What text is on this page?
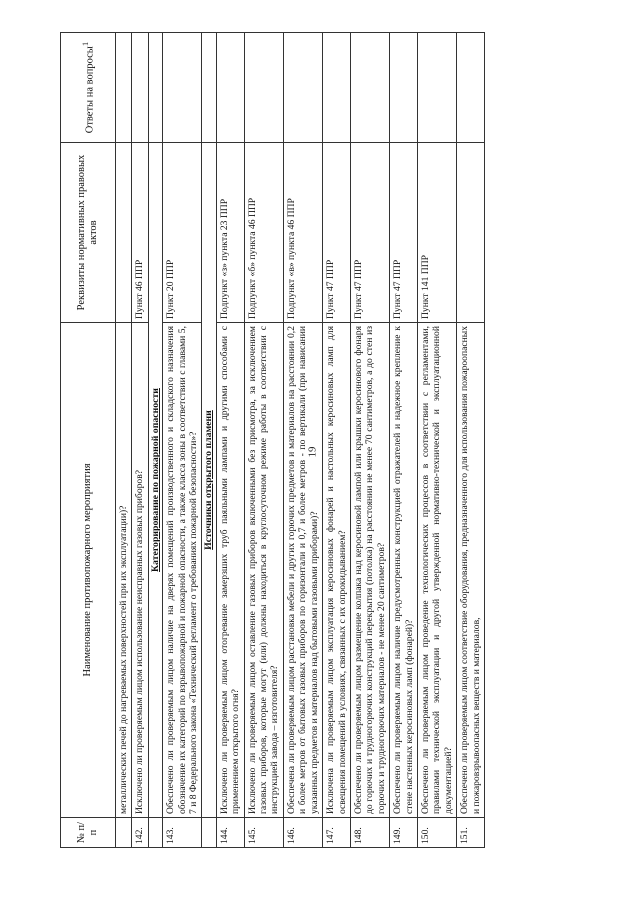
19
№ п/п	Наименование противопожарного мероприятия	Реквизиты нормативных правовых актов	Ответы на вопросы$^1$
	металлических печей до нагреваемых поверхностей при их эксплуатации)?		
142.	Исключено ли проверяемым лицом использование неисправных газовых приборов?	Пункт 46 ППР	
	Категорирование по пожарной опасности		
143.	Обеспечено ли проверяемым лицом наличие на дверях помещений производственного и складского назначения обозначение их категорий по взрывопожарной и пожарной опасности, а также класса зоны в соответствии с главами 5, 7 и 8 Федерального закона «Технический регламент о требованиях пожарной безопасности»?	Пункт 20 ППР	
	Источники открытого пламени		
144.	Исключено ли проверяемым лицом отогревание замерзших труб паяльными лампами и другими способами с применением открытого огня?	Подпункт «з» пункта 23 ППР	
145.	Исключено ли проверяемым лицом оставление газовых приборов включенными без присмотра, за исключением газовых приборов, которые могут (или) должны находиться в круглосуточном режиме работы в соответствии с инструкцией завода – изготовителя?	Подпункт «б» пункта 46 ППР	
146.	Обеспечена ли проверяемым лицом расстановка мебели и других горючих предметов и материалов на расстоянии 0,2 и более метров от бытовых газовых приборов по горизонтали и 0,7 и более метров - по вертикали (при нависании указанных предметов и материалов над бытовыми газовыми приборами)?	Подпункт «в» пункта 46 ППР	
147.	Исключена ли проверяемым лицом эксплуатация керосиновых фонарей и настольных керосиновых ламп для освещения помещений в условиях, связанных с их опрокидыванием?	Пункт 47 ППР	
148.	Обеспечено ли проверяемым лицом размещение колпака над керосиновой лампой или крышки керосинового фонаря до горючих и трудногорючих конструкций перекрытия (потолка) на расстоянии не менее 70 сантиметров, а до стен из горючих и трудногорючих материалов - не менее 20 сантиметров?	Пункт 47 ППР	
149.	Обеспечено ли проверяемым лицом наличие предусмотренных конструкцией отражателей и надежное крепление к стене настенных керосиновых ламп (фонарей)?	Пункт 47 ППР	
150.	Обеспечено ли проверяемым лицом проведение технологических процессов в соответствии с регламентами, правилами технической эксплуатации и другой утвержденной нормативно-технической и эксплуатационной документацией?	Пункт 141 ППР	
151.	Обеспечено ли проверяемым лицом соответствие оборудования, предназначенного для использования пожароопасных и пожаровзрывоопасных веществ и материалов,		
